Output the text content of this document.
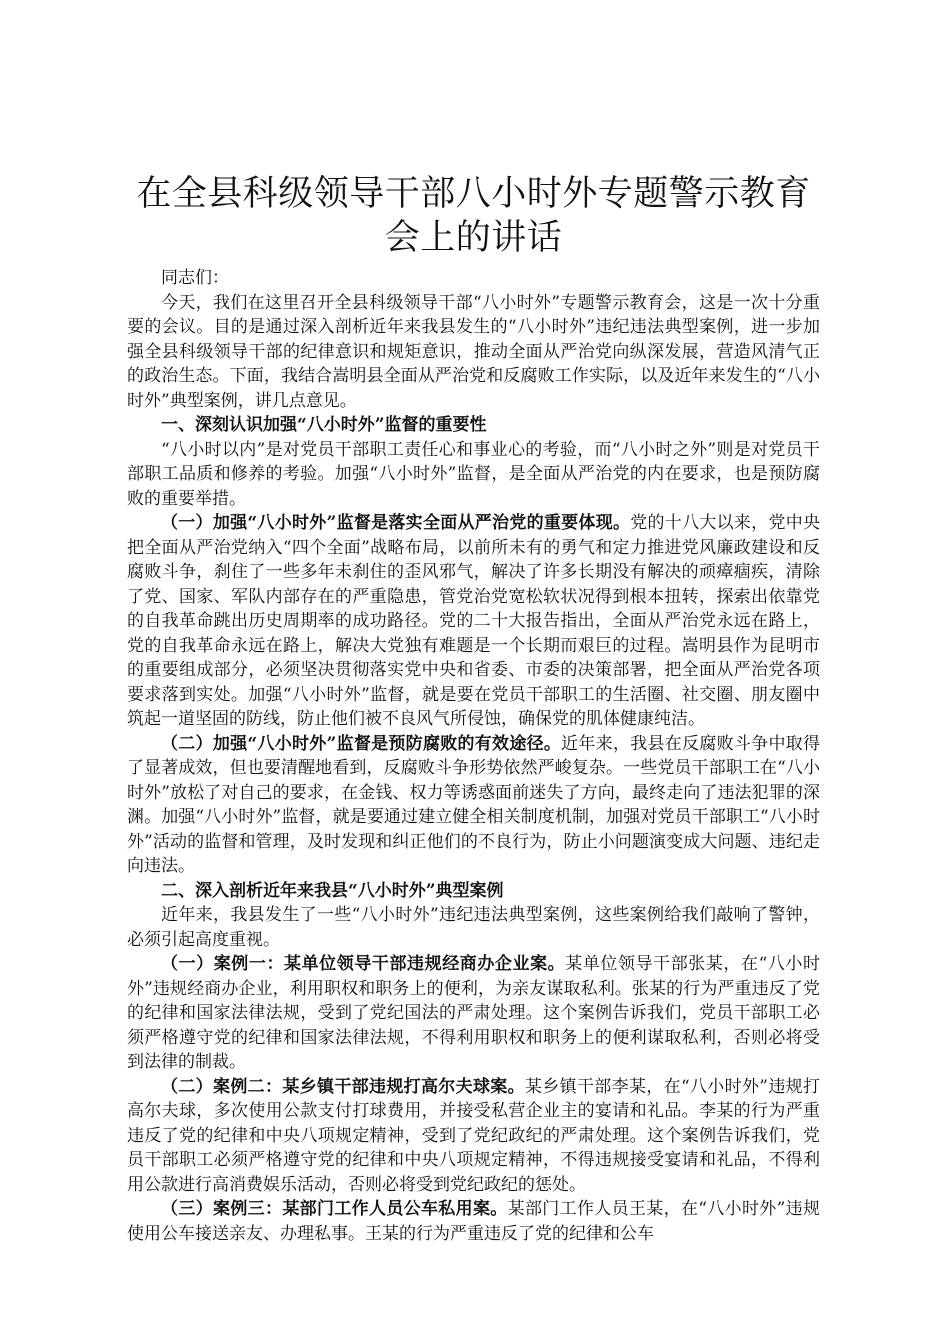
在全县科级领导干部八小时外专题警示教育会上的讲话

同志们：

今天，我们在这里召开全县科级领导干部“八小时外”专题警示教育会，这是一次十分重要的会议。目的是通过深入剖析近年来我县发生的“八小时外”违纪违法典型案例，进一步加强全县科级领导干部的纪律意识和规矩意识，推动全面从严治党向纵深发展，营造风清气正的政治生态。下面，我结合嵩明县全面从严治党和反腐败工作实际，以及近年来发生的“八小时外”典型案例，讲几点意见。

一、深刻认识加强“八小时外”监督的重要性

“八小时以内”是对党员干部职工责任心和事业心的考验，而“八小时之外”则是对党员干部职工品质和修养的考验。加强“八小时外”监督，是全面从严治党的内在要求，也是预防腐败的重要举措。

（一）加强“八小时外”监督是落实全面从严治党的重要体现。党的十八大以来，党中央把全面从严治党纳入“四个全面”战略布局，以前所未有的勇气和定力推进党风廉政建设和反腐败斗争，刹住了一些多年未刹住的歪风邪气，解决了许多长期没有解决的顽瘴痼疾，清除了党、国家、军队内部存在的严重隐患，管党治党宽松软状况得到根本扭转，探索出依靠党的自我革命跳出历史周期率的成功路径。党的二十大报告指出，全面从严治党永远在路上，党的自我革命永远在路上，解决大党独有难题是一个长期而艰巨的过程。嵩明县作为昆明市的重要组成部分，必须坚决贯彻落实党中央和省委、市委的决策部署，把全面从严治党各项要求落到实处。加强“八小时外”监督，就是要在党员干部职工的生活圈、社交圈、朋友圈中筑起一道坚固的防线，防止他们被不良风气所侵蚀，确保党的肌体健康纯洁。

（二）加强“八小时外”监督是预防腐败的有效途径。近年来，我县在反腐败斗争中取得了显著成效，但也要清醒地看到，反腐败斗争形势依然严峻复杂。一些党员干部职工在“八小时外”放松了对自己的要求，在金钱、权力等诱惑面前迷失了方向，最终走向了违法犯罪的深渊。加强“八小时外”监督，就是要通过建立健全相关制度机制，加强对党员干部职工“八小时外”活动的监督和管理，及时发现和纠正他们的不良行为，防止小问题演变成大问题、违纪走向违法。

二、深入剖析近年来我县“八小时外”典型案例

近年来，我县发生了一些“八小时外”违纪违法典型案例，这些案例给我们敲响了警钟，必须引起高度重视。

（一）案例一：某单位领导干部违规经商办企业案。某单位领导干部张某，在“八小时外”违规经商办企业，利用职权和职务上的便利，为亲友谋取私利。张某的行为严重违反了党的纪律和国家法律法规，受到了党纪国法的严肃处理。这个案例告诉我们，党员干部职工必须严格遵守党的纪律和国家法律法规，不得利用职权和职务上的便利谋取私利，否则必将受到法律的制裁。

（二）案例二：某乡镇干部违规打高尔夫球案。某乡镇干部李某，在“八小时外”违规打高尔夫球，多次使用公款支付打球费用，并接受私营企业主的宴请和礼品。李某的行为严重违反了党的纪律和中央八项规定精神，受到了党纪政纪的严肃处理。这个案例告诉我们，党员干部职工必须严格遵守党的纪律和中央八项规定精神，不得违规接受宴请和礼品，不得利用公款进行高消费娱乐活动，否则必将受到党纪政纪的惩处。

（三）案例三：某部门工作人员公车私用案。某部门工作人员王某，在“八小时外”违规使用公车接送亲友、办理私事。王某的行为严重违反了党的纪律和公车
